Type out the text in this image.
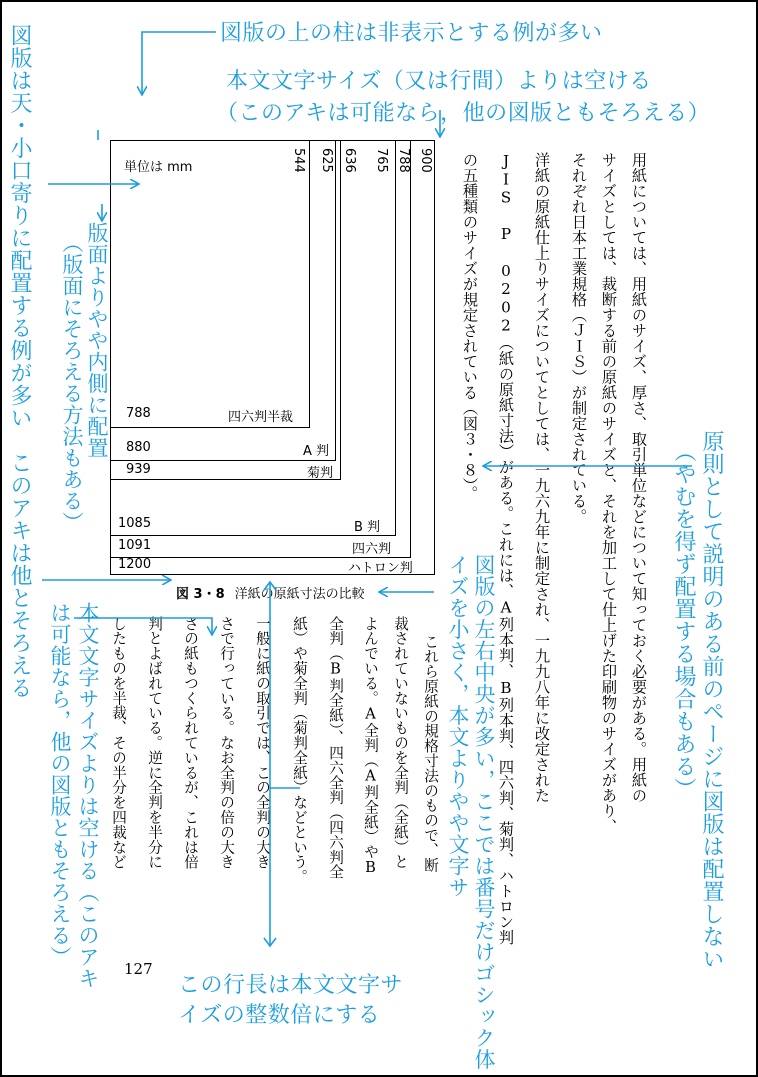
用紙については、用紙のサイズ、厚さ、取引単位などについて知っておく必要がある。用紙の
サイズとしては、裁断する前の原紙のサイズと、それを加工して仕上げた印刷物のサイズがあり、
それぞれ日本工業規格（ＪＩＳ）が制定されている。
洋紙の原紙仕上りサイズについてとしては、一九六九年に制定され、一九九八年に改定された
JIS P 0202（紙の原紙寸法）がある。これには、A列本判、B列本判、四六判、菊判、ハトロン判
の五種類のサイズが規定されている（図３・８）。
これら原紙の規格寸法のもので、断
裁されていないものを全判（全紙）と
よんでいる。A全判（A判全紙）やB
全判（B判全紙）、四六全判（四六判全
紙）や菊全判（菊判全紙）などという。
一般に紙の取引では、この全判の大き
さで行っている。なお全判の倍の大き
さの紙もつくられているが、これは倍
判とよばれている。逆に全判を半分に
したものを半裁、その半分を四裁など
127
単位は mm	544 625 636 765 788 900
788	四六判半裁
880	A 判
939	菊判
1085	B 判
1091	四六判
1200	ハトロン判
図 3・8 洋紙の原紙寸法の比較
図版の上の柱は非表示とする例が多い
本文文字サイズ（又は行間）よりは空ける
（このアキは可能なら，他の図版ともそろえる）
図版は天・小口寄りに配置する例が多い　このアキは他とそろえる	版面よりやや内側に配置
（版面にそろえる方法もある）
原則として説明のある前のページに図版は配置しない
（やむを得ず配置する場合もある）
図版の左右中央が多い，ここでは番号だけゴシック体
イズを小さく，本文よりやや文字サ
本文文字サイズよりは空ける（このアキ
は可能なら，他の図版ともそろえる）
この行長は本文文字サ
イズの整数倍にする
